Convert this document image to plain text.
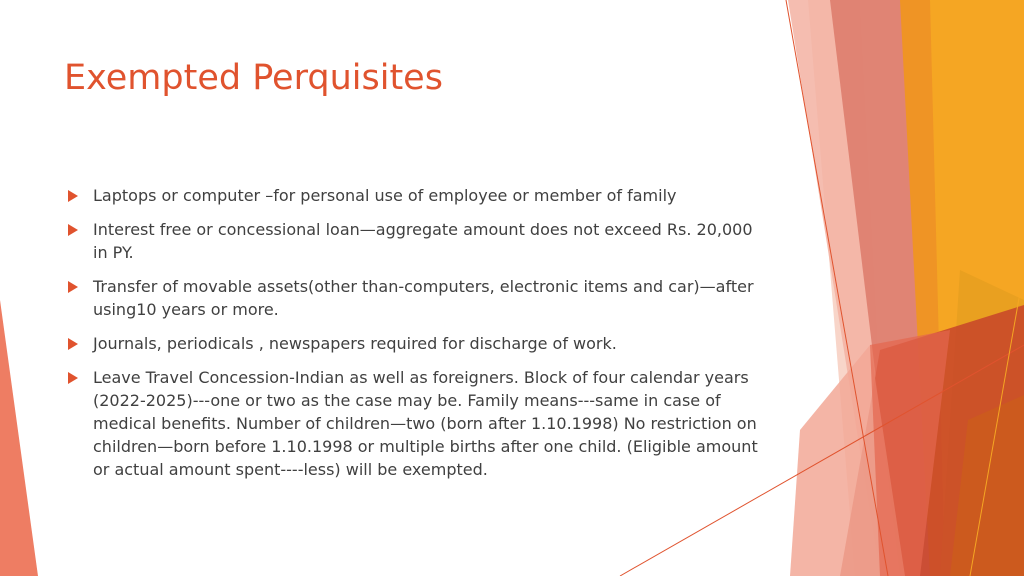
Exempted Perquisites
Laptops or computer –for personal use of employee or member of family
Interest free or concessional loan—aggregate amount does not exceed Rs. 20,000 in PY.
Transfer of movable assets(other than-computers, electronic items and car)—after using10 years or more.
Journals, periodicals , newspapers required for discharge of work.
Leave Travel Concession-Indian as well as foreigners. Block of four calendar years (2022-2025)---one or two as the case may be. Family means---same in case of medical benefits. Number of children—two (born after 1.10.1998) No restriction on children—born before 1.10.1998 or multiple births after one child. (Eligible amount or actual amount spent----less) will be exempted.
